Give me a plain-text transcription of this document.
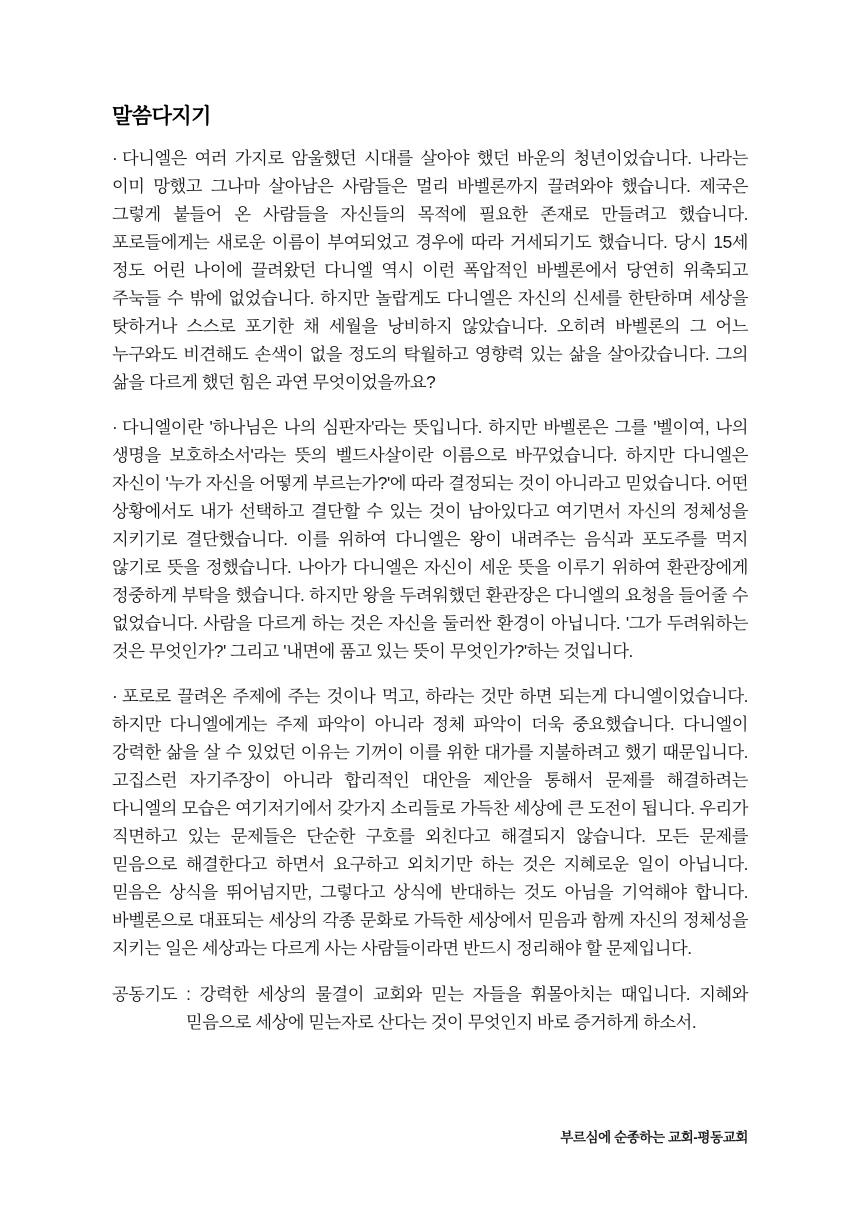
말씀다지기

· 다니엘은 여러 가지로 암울했던 시대를 살아야 했던 바운의 청년이었습니다. 나라는 이미 망했고 그나마 살아남은 사람들은 멀리 바벨론까지 끌려와야 했습니다. 제국은 그렇게 붙들어 온 사람들을 자신들의 목적에 필요한 존재로 만들려고 했습니다. 포로들에게는 새로운 이름이 부여되었고 경우에 따라 거세되기도 했습니다. 당시 15세 정도 어린 나이에 끌려왔던 다니엘 역시 이런 폭압적인 바벨론에서 당연히 위축되고 주눅들 수 밖에 없었습니다. 하지만 놀랍게도 다니엘은 자신의 신세를 한탄하며 세상을 탓하거나 스스로 포기한 채 세월을 낭비하지 않았습니다. 오히려 바벨론의 그 어느 누구와도 비견해도 손색이 없을 정도의 탁월하고 영향력 있는 삶을 살아갔습니다. 그의 삶을 다르게 했던 힘은 과연 무엇이었을까요?

· 다니엘이란 '하나님은 나의 심판자'라는 뜻입니다. 하지만 바벨론은 그를 '벨이여, 나의 생명을 보호하소서'라는 뜻의 벨드사살이란 이름으로 바꾸었습니다. 하지만 다니엘은 자신이 '누가 자신을 어떻게 부르는가?'에 따라 결정되는 것이 아니라고 믿었습니다. 어떤 상황에서도 내가 선택하고 결단할 수 있는 것이 남아있다고 여기면서 자신의 정체성을 지키기로 결단했습니다. 이를 위하여 다니엘은 왕이 내려주는 음식과 포도주를 먹지 않기로 뜻을 정했습니다. 나아가 다니엘은 자신이 세운 뜻을 이루기 위하여 환관장에게 정중하게 부탁을 했습니다. 하지만 왕을 두려워했던 환관장은 다니엘의 요청을 들어줄 수 없었습니다. 사람을 다르게 하는 것은 자신을 둘러싼 환경이 아닙니다. '그가 두려워하는 것은 무엇인가?' 그리고 '내면에 품고 있는 뜻이 무엇인가?'하는 것입니다.

· 포로로 끌려온 주제에 주는 것이나 먹고, 하라는 것만 하면 되는게 다니엘이었습니다. 하지만 다니엘에게는 주제 파악이 아니라 정체 파악이 더욱 중요했습니다. 다니엘이 강력한 삶을 살 수 있었던 이유는 기꺼이 이를 위한 대가를 지불하려고 했기 때문입니다. 고집스런 자기주장이 아니라 합리적인 대안을 제안을 통해서 문제를 해결하려는 다니엘의 모습은 여기저기에서 갖가지 소리들로 가득찬 세상에 큰 도전이 됩니다. 우리가 직면하고 있는 문제들은 단순한 구호를 외친다고 해결되지 않습니다. 모든 문제를 믿음으로 해결한다고 하면서 요구하고 외치기만 하는 것은 지혜로운 일이 아닙니다. 믿음은 상식을 뛰어넘지만, 그렇다고 상식에 반대하는 것도 아님을 기억해야 합니다. 바벨론으로 대표되는 세상의 각종 문화로 가득한 세상에서 믿음과 함께 자신의 정체성을 지키는 일은 세상과는 다르게 사는 사람들이라면 반드시 정리해야 할 문제입니다.

공동기도 : 강력한 세상의 물결이 교회와 믿는 자들을 휘몰아치는 때입니다. 지혜와 믿음으로 세상에 믿는자로 산다는 것이 무엇인지 바로 증거하게 하소서.

부르심에 순종하는 교회-평동교회
